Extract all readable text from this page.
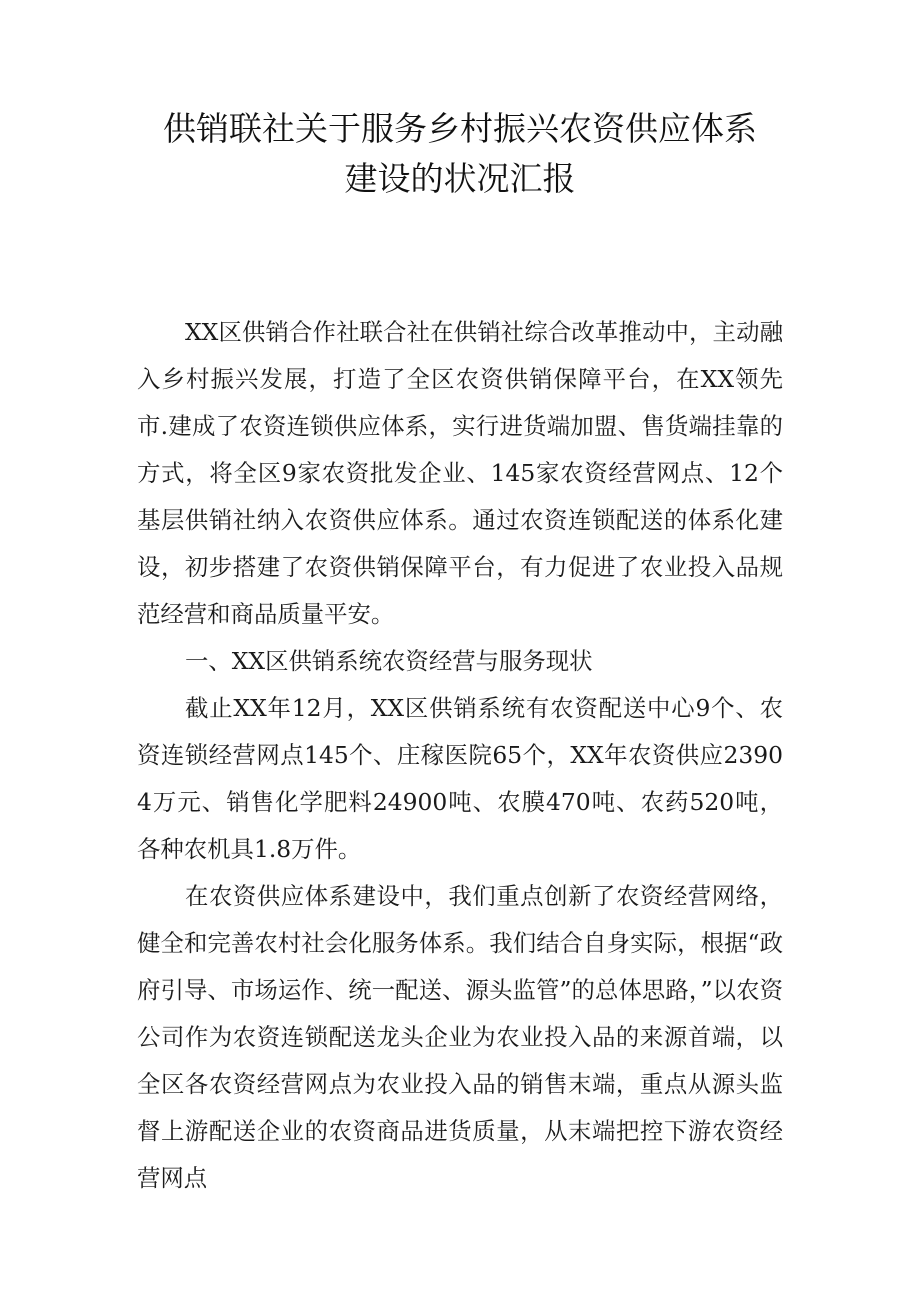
供销联社关于服务乡村振兴农资供应体系
建设的状况汇报

XX区供销合作社联合社在供销社综合改革推动中，主动融入乡村振兴发展，打造了全区农资供销保障平台，在XX领先市.建成了农资连锁供应体系，实行进货端加盟、售货端挂靠的方式，将全区9家农资批发企业、145家农资经营网点、12个基层供销社纳入农资供应体系。通过农资连锁配送的体系化建设，初步搭建了农资供销保障平台，有力促进了农业投入品规范经营和商品质量平安。

一、XX区供销系统农资经营与服务现状

截止XX年12月，XX区供销系统有农资配送中心9个、农资连锁经营网点145个、庄稼医院65个，XX年农资供应23904万元、销售化学肥料24900吨、农膜470吨、农药520吨，各种农机具1.8万件。

在农资供应体系建设中，我们重点创新了农资经营网络，健全和完善农村社会化服务体系。我们结合自身实际，根据“政府引导、市场运作、统一配送、源头监管”的总体思路，”以农资公司作为农资连锁配送龙头企业为农业投入品的来源首端，以全区各农资经营网点为农业投入品的销售末端，重点从源头监督上游配送企业的农资商品进货质量，从末端把控下游农资经营网点
